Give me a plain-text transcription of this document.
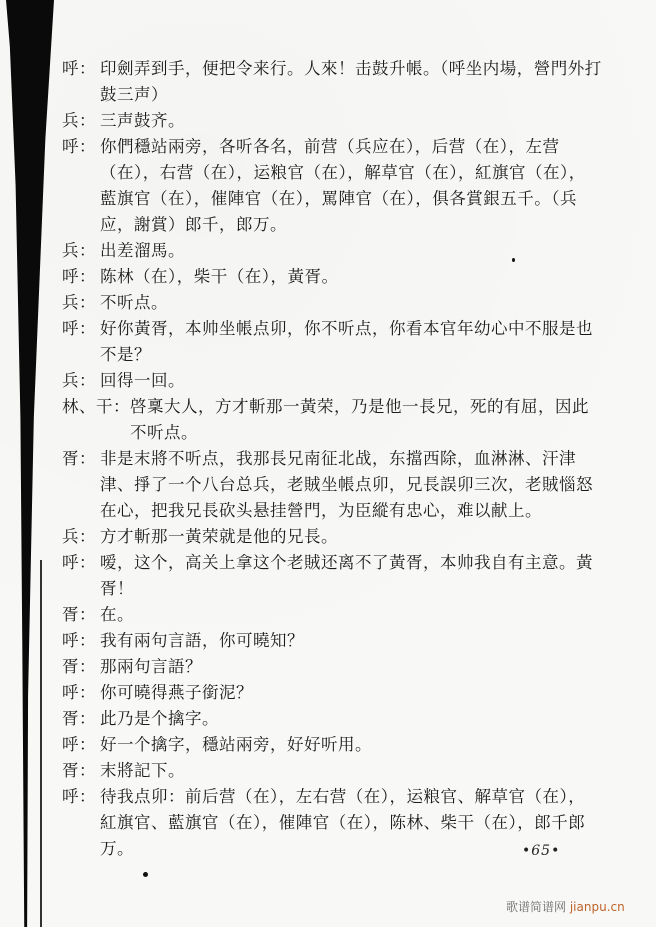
呼： 印劍弄到手，便把令来行。人來！击鼓升帳。（呼坐内場，營門外打鼓三声）
兵： 三声鼓齐。
呼： 你們穩站兩旁，各听各名，前营（兵应在），后营（在），左营（在），右营（在），运粮官（在），解草官（在），紅旗官（在），藍旗官（在），催陣官（在），罵陣官（在），俱各賞銀五千。（兵应，謝賞）郎千，郎万。
兵： 出差溜馬。
呼： 陈林（在），柴干（在），黃胥。
兵： 不听点。
呼： 好你黃胥，本帅坐帳点卯，你不听点，你看本官年幼心中不服是也不是？
兵： 回得一回。
林、干： 啓稟大人，方才斬那一黃荣，乃是他一長兄，死的有屈，因此不听点。
胥： 非是末將不听点，我那長兄南征北战，东擋西除，血淋淋、汗津津、掙了一个八台总兵，老賊坐帳点卯，兄長誤卯三次，老賊惱怒在心，把我兄長砍头悬挂營門，为臣縱有忠心，难以献上。
兵： 方才斬那一黃荣就是他的兄長。
呼： 嗳，这个，高关上拿这个老賊还离不了黃胥，本帅我自有主意。黃胥！
胥： 在。
呼： 我有兩句言語，你可曉知？
胥： 那兩句言語？
呼： 你可曉得燕子銜泥？
胥： 此乃是个擒字。
呼： 好一个擒字，穩站兩旁，好好听用。
胥： 末將記下。
呼： 待我点卯：前后营（在），左右营（在），运粮官、解草官（在），紅旗官、藍旗官（在），催陣官（在），陈林、柴干（在），郎千郎万。	•65•
歌谱简谱网 jianpu.cn
